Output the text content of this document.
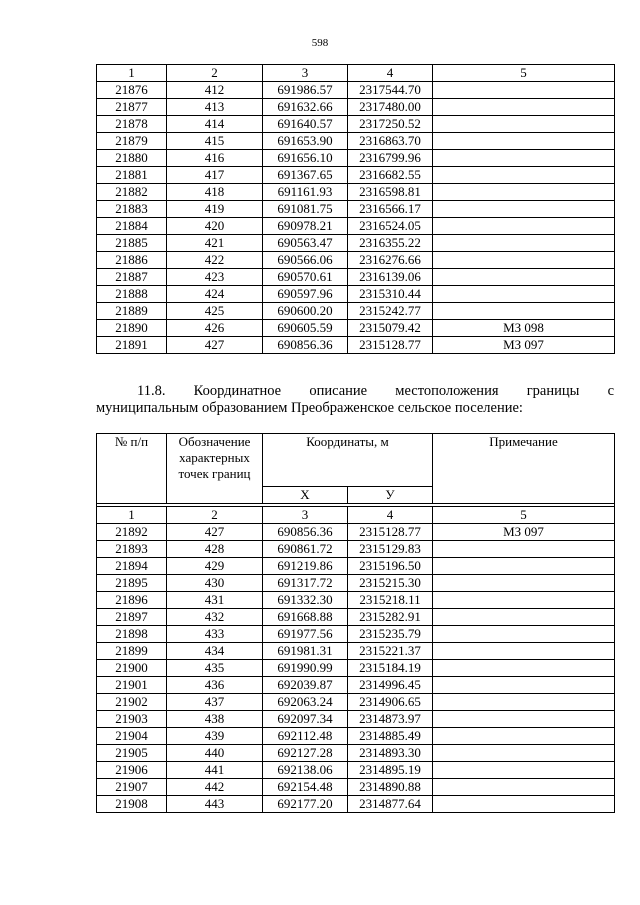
598
1	2	3	4	5
21876	412	691986.57	2317544.70	
21877	413	691632.66	2317480.00	
21878	414	691640.57	2317250.52	
21879	415	691653.90	2316863.70	
21880	416	691656.10	2316799.96	
21881	417	691367.65	2316682.55	
21882	418	691161.93	2316598.81	
21883	419	691081.75	2316566.17	
21884	420	690978.21	2316524.05	
21885	421	690563.47	2316355.22	
21886	422	690566.06	2316276.66	
21887	423	690570.61	2316139.06	
21888	424	690597.96	2315310.44	
21889	425	690600.20	2315242.77	
21890	426	690605.59	2315079.42	МЗ 098
21891	427	690856.36	2315128.77	МЗ 097
11.8. Координатное описание местоположения границы с
муниципальным образованием Преображенское сельское поселение:
№ п/п	Обозначение характерных точек границ	Координаты, м		Примечание
		Х	У	

1	2	3	4	5
21892	427	690856.36	2315128.77	МЗ 097
21893	428	690861.72	2315129.83	
21894	429	691219.86	2315196.50	
21895	430	691317.72	2315215.30	
21896	431	691332.30	2315218.11	
21897	432	691668.88	2315282.91	
21898	433	691977.56	2315235.79	
21899	434	691981.31	2315221.37	
21900	435	691990.99	2315184.19	
21901	436	692039.87	2314996.45	
21902	437	692063.24	2314906.65	
21903	438	692097.34	2314873.97	
21904	439	692112.48	2314885.49	
21905	440	692127.28	2314893.30	
21906	441	692138.06	2314895.19	
21907	442	692154.48	2314890.88	
21908	443	692177.20	2314877.64	
